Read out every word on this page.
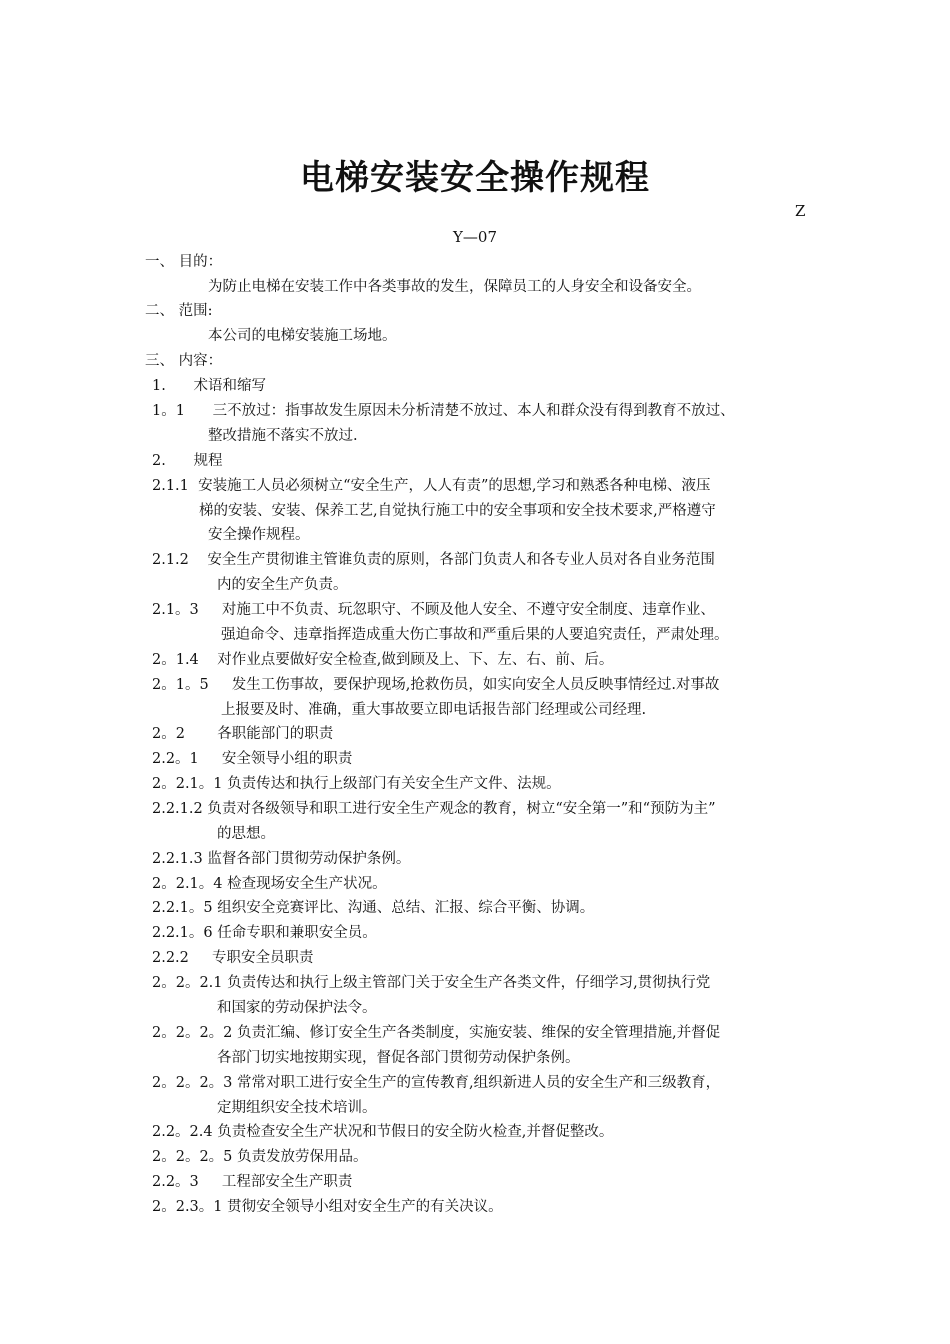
电梯安装安全操作规程
Z
Y—07
一、 目的：
为防止电梯在安装工作中各类事故的发生，保障员工的人身安全和设备安全。
二、 范围:
本公司的电梯安装施工场地。
三、 内容：
1.      术语和缩写
1。1      三不放过：指事故发生原因未分析清楚不放过、本人和群众没有得到教育不放过、
整改措施不落实不放过.
2.      规程
2.1.1  安装施工人员必须树立“安全生产，人人有责”的思想,学习和熟悉各种电梯、液压
梯的安装、安装、保养工艺,自觉执行施工中的安全事项和安全技术要求,严格遵守
安全操作规程。
2.1.2    安全生产贯彻谁主管谁负责的原则，各部门负责人和各专业人员对各自业务范围
内的安全生产负责。
2.1。3     对施工中不负责、玩忽职守、不顾及他人安全、不遵守安全制度、违章作业、
强迫命令、违章指挥造成重大伤亡事故和严重后果的人要追究责任，严肃处理。
2。1.4    对作业点要做好安全检查,做到顾及上、下、左、右、前、后。
2。1。5     发生工伤事故，要保护现场,抢救伤员，如实向安全人员反映事情经过.对事故
上报要及时、准确，重大事故要立即电话报告部门经理或公司经理.
2。2       各职能部门的职责
2.2。1     安全领导小组的职责
2。2.1。1 负责传达和执行上级部门有关安全生产文件、法规。
2.2.1.2 负责对各级领导和职工进行安全生产观念的教育，树立“安全第一”和“预防为主”
的思想。
2.2.1.3 监督各部门贯彻劳动保护条例。
2。2.1。4 检查现场安全生产状况。
2.2.1。5 组织安全竞赛评比、沟通、总结、汇报、综合平衡、协调。
2.2.1。6 任命专职和兼职安全员。
2.2.2     专职安全员职责
2。2。2.1 负责传达和执行上级主管部门关于安全生产各类文件，仔细学习,贯彻执行党
和国家的劳动保护法令。
2。2。2。2 负责汇编、修订安全生产各类制度，实施安装、维保的安全管理措施,并督促
各部门切实地按期实现，督促各部门贯彻劳动保护条例。
2。2。2。3 常常对职工进行安全生产的宣传教育,组织新进人员的安全生产和三级教育，
定期组织安全技术培训。
2.2。2.4 负责检查安全生产状况和节假日的安全防火检查,并督促整改。
2。2。2。5 负责发放劳保用品。
2.2。3     工程部安全生产职责
2。2.3。1 贯彻安全领导小组对安全生产的有关决议。
